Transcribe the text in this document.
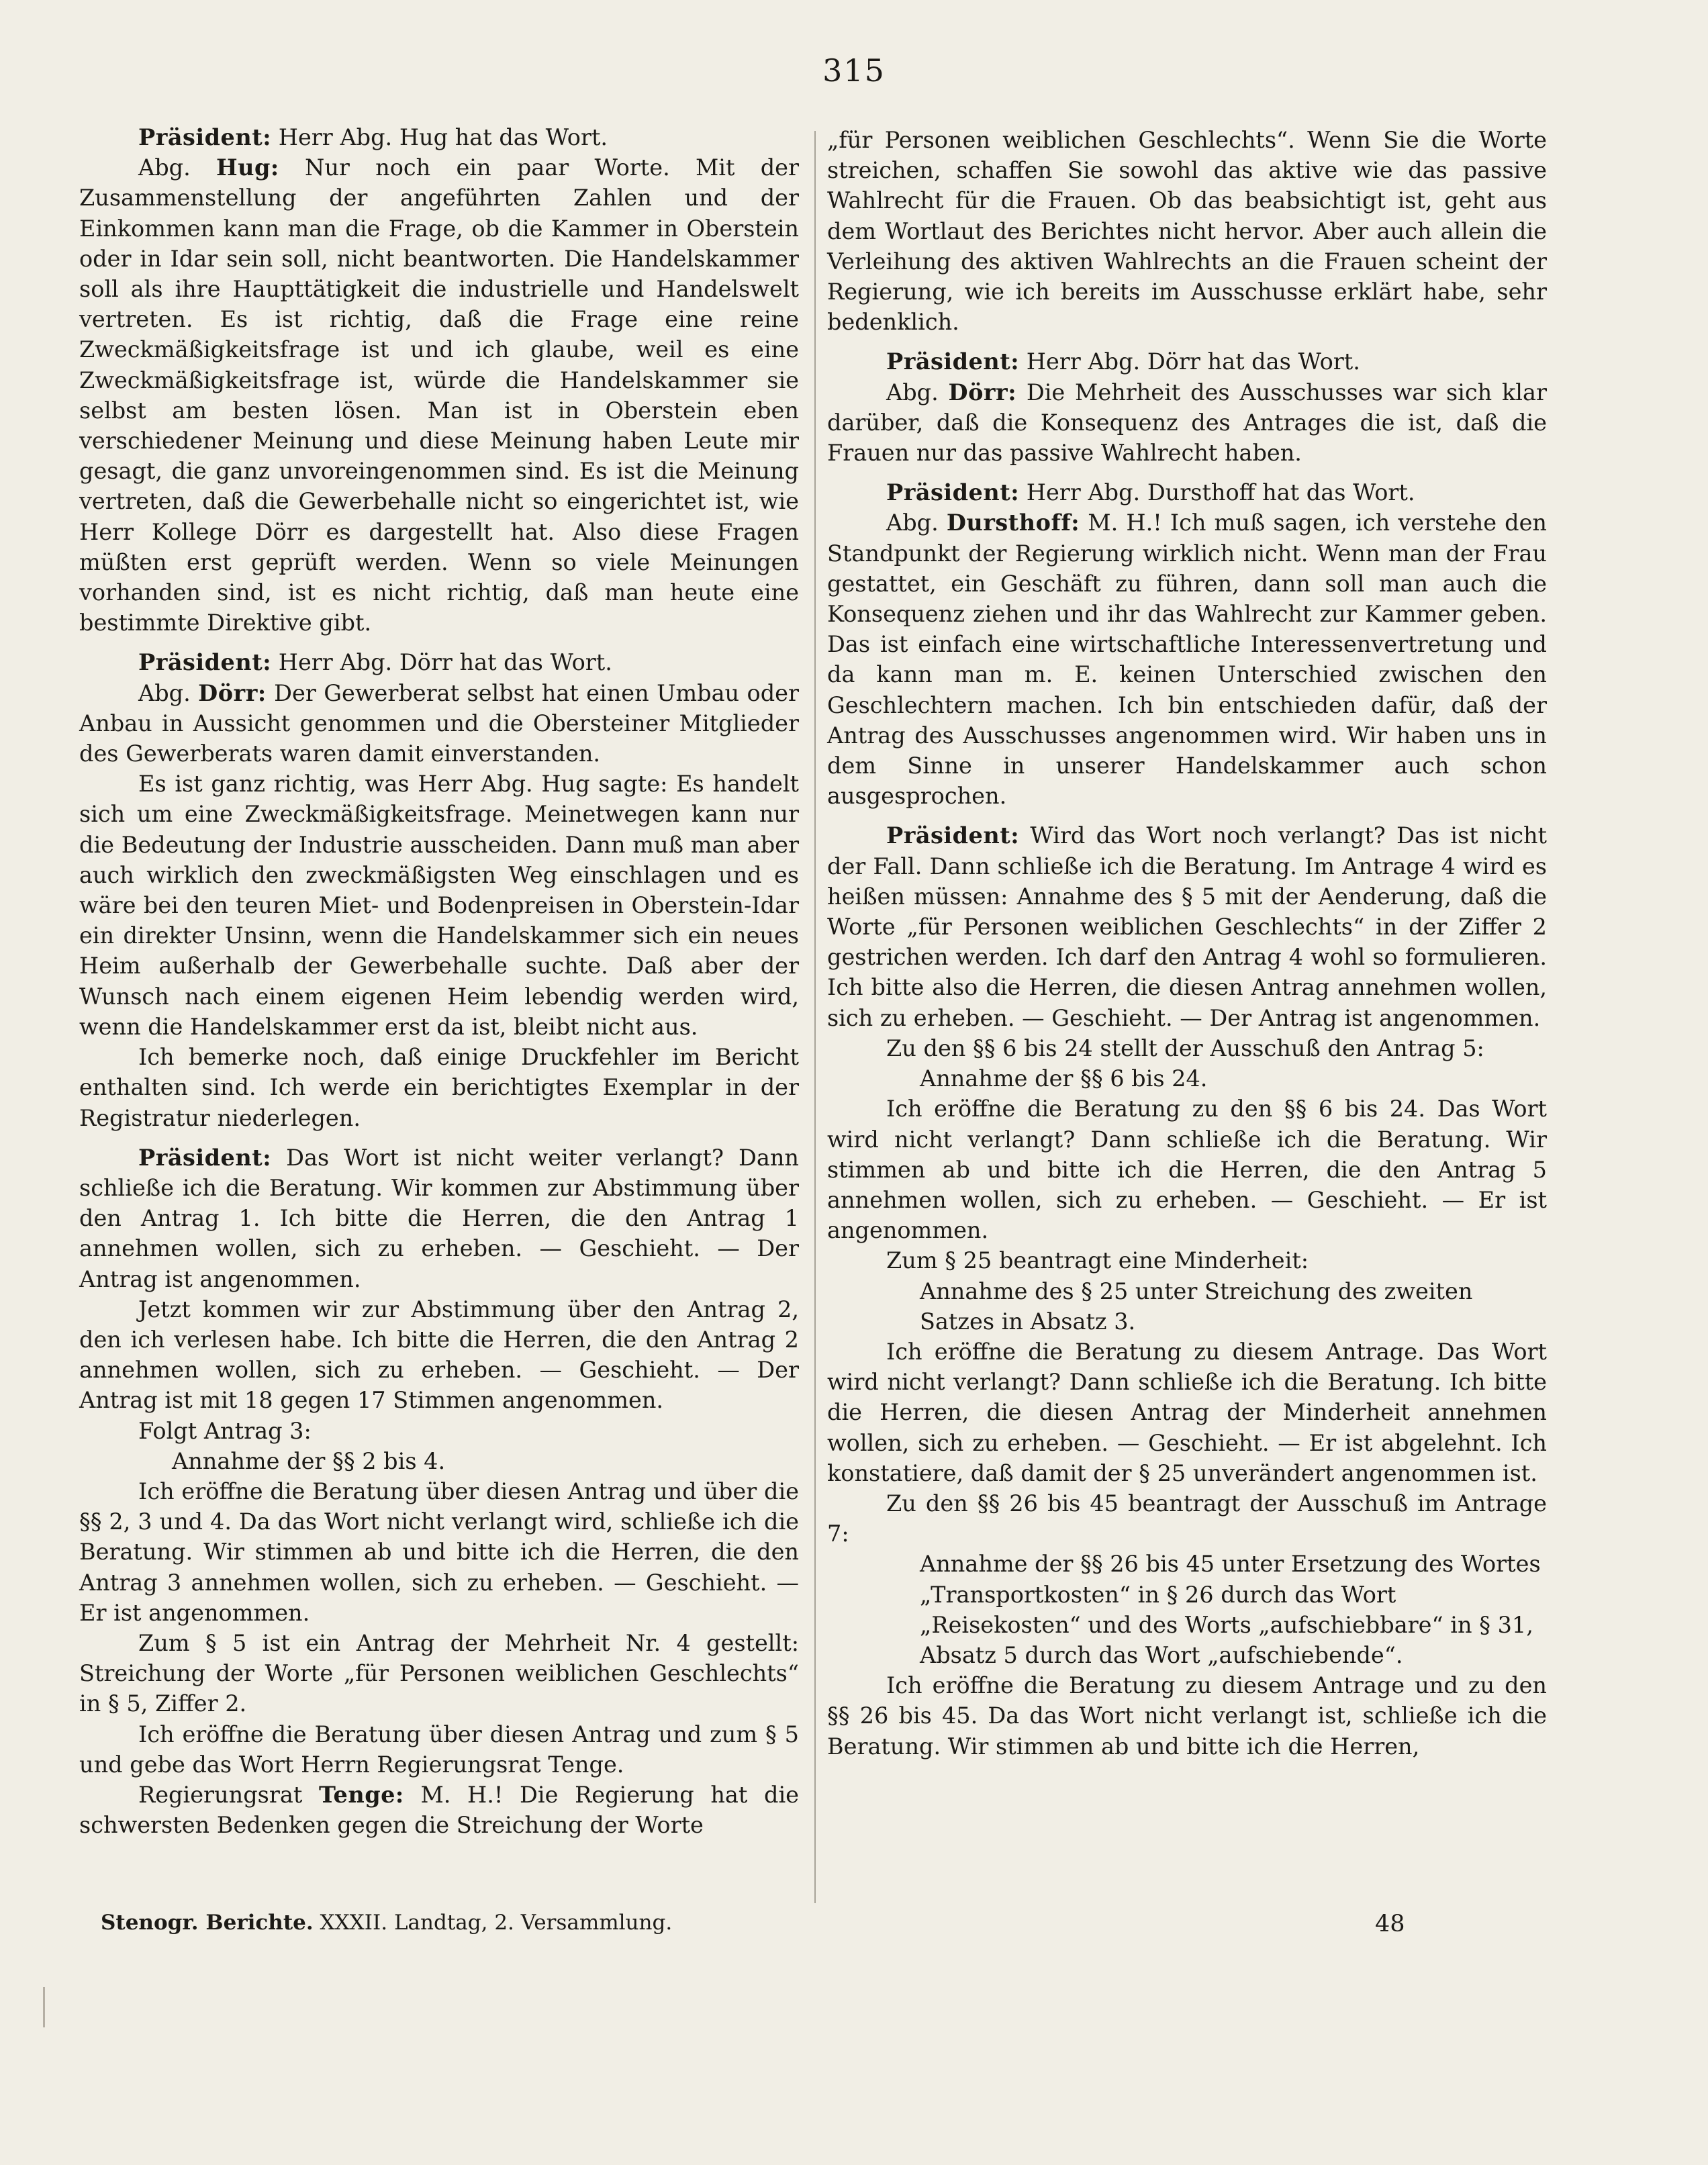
315

Präsident: Herr Abg. Hug hat das Wort.

Abg. Hug: Nur noch ein paar Worte. Mit der Zusammenstellung der angeführten Zahlen und der Einkommen kann man die Frage, ob die Kammer in Oberstein oder in Idar sein soll, nicht beantworten. Die Handelskammer soll als ihre Haupttätigkeit die industrielle und Handelswelt vertreten. Es ist richtig, daß die Frage eine reine Zweckmäßigkeitsfrage ist und ich glaube, weil es eine Zweckmäßigkeitsfrage ist, würde die Handelskammer sie selbst am besten lösen. Man ist in Oberstein eben verschiedener Meinung und diese Meinung haben Leute mir gesagt, die ganz unvoreingenommen sind. Es ist die Meinung vertreten, daß die Gewerbehalle nicht so eingerichtet ist, wie Herr Kollege Dörr es dargestellt hat. Also diese Fragen müßten erst geprüft werden. Wenn so viele Meinungen vorhanden sind, ist es nicht richtig, daß man heute eine bestimmte Direktive gibt.

Präsident: Herr Abg. Dörr hat das Wort.

Abg. Dörr: Der Gewerberat selbst hat einen Umbau oder Anbau in Aussicht genommen und die Obersteiner Mitglieder des Gewerberats waren damit einverstanden.

Es ist ganz richtig, was Herr Abg. Hug sagte: Es handelt sich um eine Zweckmäßigkeitsfrage. Meinetwegen kann nur die Bedeutung der Industrie ausscheiden. Dann muß man aber auch wirklich den zweckmäßigsten Weg einschlagen und es wäre bei den teuren Miet- und Bodenpreisen in Oberstein-Idar ein direkter Unsinn, wenn die Handelskammer sich ein neues Heim außerhalb der Gewerbehalle suchte. Daß aber der Wunsch nach einem eigenen Heim lebendig werden wird, wenn die Handelskammer erst da ist, bleibt nicht aus.

Ich bemerke noch, daß einige Druckfehler im Bericht enthalten sind. Ich werde ein berichtigtes Exemplar in der Registratur niederlegen.

Präsident: Das Wort ist nicht weiter verlangt? Dann schließe ich die Beratung. Wir kommen zur Abstimmung über den Antrag 1. Ich bitte die Herren, die den Antrag 1 annehmen wollen, sich zu erheben. — Geschieht. — Der Antrag ist angenommen.

Jetzt kommen wir zur Abstimmung über den Antrag 2, den ich verlesen habe. Ich bitte die Herren, die den Antrag 2 annehmen wollen, sich zu erheben. — Geschieht. — Der Antrag ist mit 18 gegen 17 Stimmen angenommen.

Folgt Antrag 3:

Annahme der §§ 2 bis 4.

Ich eröffne die Beratung über diesen Antrag und über die §§ 2, 3 und 4. Da das Wort nicht verlangt wird, schließe ich die Beratung. Wir stimmen ab und bitte ich die Herren, die den Antrag 3 annehmen wollen, sich zu erheben. — Geschieht. — Er ist angenommen.

Zum § 5 ist ein Antrag der Mehrheit Nr. 4 gestellt: Streichung der Worte „für Personen weiblichen Geschlechts“ in § 5, Ziffer 2.

Ich eröffne die Beratung über diesen Antrag und zum § 5 und gebe das Wort Herrn Regierungsrat Tenge.

Regierungsrat Tenge: M. H.! Die Regierung hat die schwersten Bedenken gegen die Streichung der Worte

„für Personen weiblichen Geschlechts“. Wenn Sie die Worte streichen, schaffen Sie sowohl das aktive wie das passive Wahlrecht für die Frauen. Ob das beabsichtigt ist, geht aus dem Wortlaut des Berichtes nicht hervor. Aber auch allein die Verleihung des aktiven Wahlrechts an die Frauen scheint der Regierung, wie ich bereits im Ausschusse erklärt habe, sehr bedenklich.

Präsident: Herr Abg. Dörr hat das Wort.

Abg. Dörr: Die Mehrheit des Ausschusses war sich klar darüber, daß die Konsequenz des Antrages die ist, daß die Frauen nur das passive Wahlrecht haben.

Präsident: Herr Abg. Dursthoff hat das Wort.

Abg. Dursthoff: M. H.! Ich muß sagen, ich verstehe den Standpunkt der Regierung wirklich nicht. Wenn man der Frau gestattet, ein Geschäft zu führen, dann soll man auch die Konsequenz ziehen und ihr das Wahlrecht zur Kammer geben. Das ist einfach eine wirtschaftliche Interessenvertretung und da kann man m. E. keinen Unterschied zwischen den Geschlechtern machen. Ich bin entschieden dafür, daß der Antrag des Ausschusses angenommen wird. Wir haben uns in dem Sinne in unserer Handelskammer auch schon ausgesprochen.

Präsident: Wird das Wort noch verlangt? Das ist nicht der Fall. Dann schließe ich die Beratung. Im Antrage 4 wird es heißen müssen: Annahme des § 5 mit der Aenderung, daß die Worte „für Personen weiblichen Geschlechts“ in der Ziffer 2 gestrichen werden. Ich darf den Antrag 4 wohl so formulieren. Ich bitte also die Herren, die diesen Antrag annehmen wollen, sich zu erheben. — Geschieht. — Der Antrag ist angenommen.

Zu den §§ 6 bis 24 stellt der Ausschuß den Antrag 5:

Annahme der §§ 6 bis 24.

Ich eröffne die Beratung zu den §§ 6 bis 24. Das Wort wird nicht verlangt? Dann schließe ich die Beratung. Wir stimmen ab und bitte ich die Herren, die den Antrag 5 annehmen wollen, sich zu erheben. — Geschieht. — Er ist angenommen.

Zum § 25 beantragt eine Minderheit:

Annahme des § 25 unter Streichung des zweiten Satzes in Absatz 3.

Ich eröffne die Beratung zu diesem Antrage. Das Wort wird nicht verlangt? Dann schließe ich die Beratung. Ich bitte die Herren, die diesen Antrag der Minderheit annehmen wollen, sich zu erheben. — Geschieht. — Er ist abgelehnt. Ich konstatiere, daß damit der § 25 unverändert angenommen ist.

Zu den §§ 26 bis 45 beantragt der Ausschuß im Antrage 7:

Annahme der §§ 26 bis 45 unter Ersetzung des Wortes „Transportkosten“ in § 26 durch das Wort „Reisekosten“ und des Worts „aufschiebbare“ in § 31, Absatz 5 durch das Wort „aufschiebende“.

Ich eröffne die Beratung zu diesem Antrage und zu den §§ 26 bis 45. Da das Wort nicht verlangt ist, schließe ich die Beratung. Wir stimmen ab und bitte ich die Herren,

Stenogr. Berichte. XXXII. Landtag, 2. Versammlung.	48
